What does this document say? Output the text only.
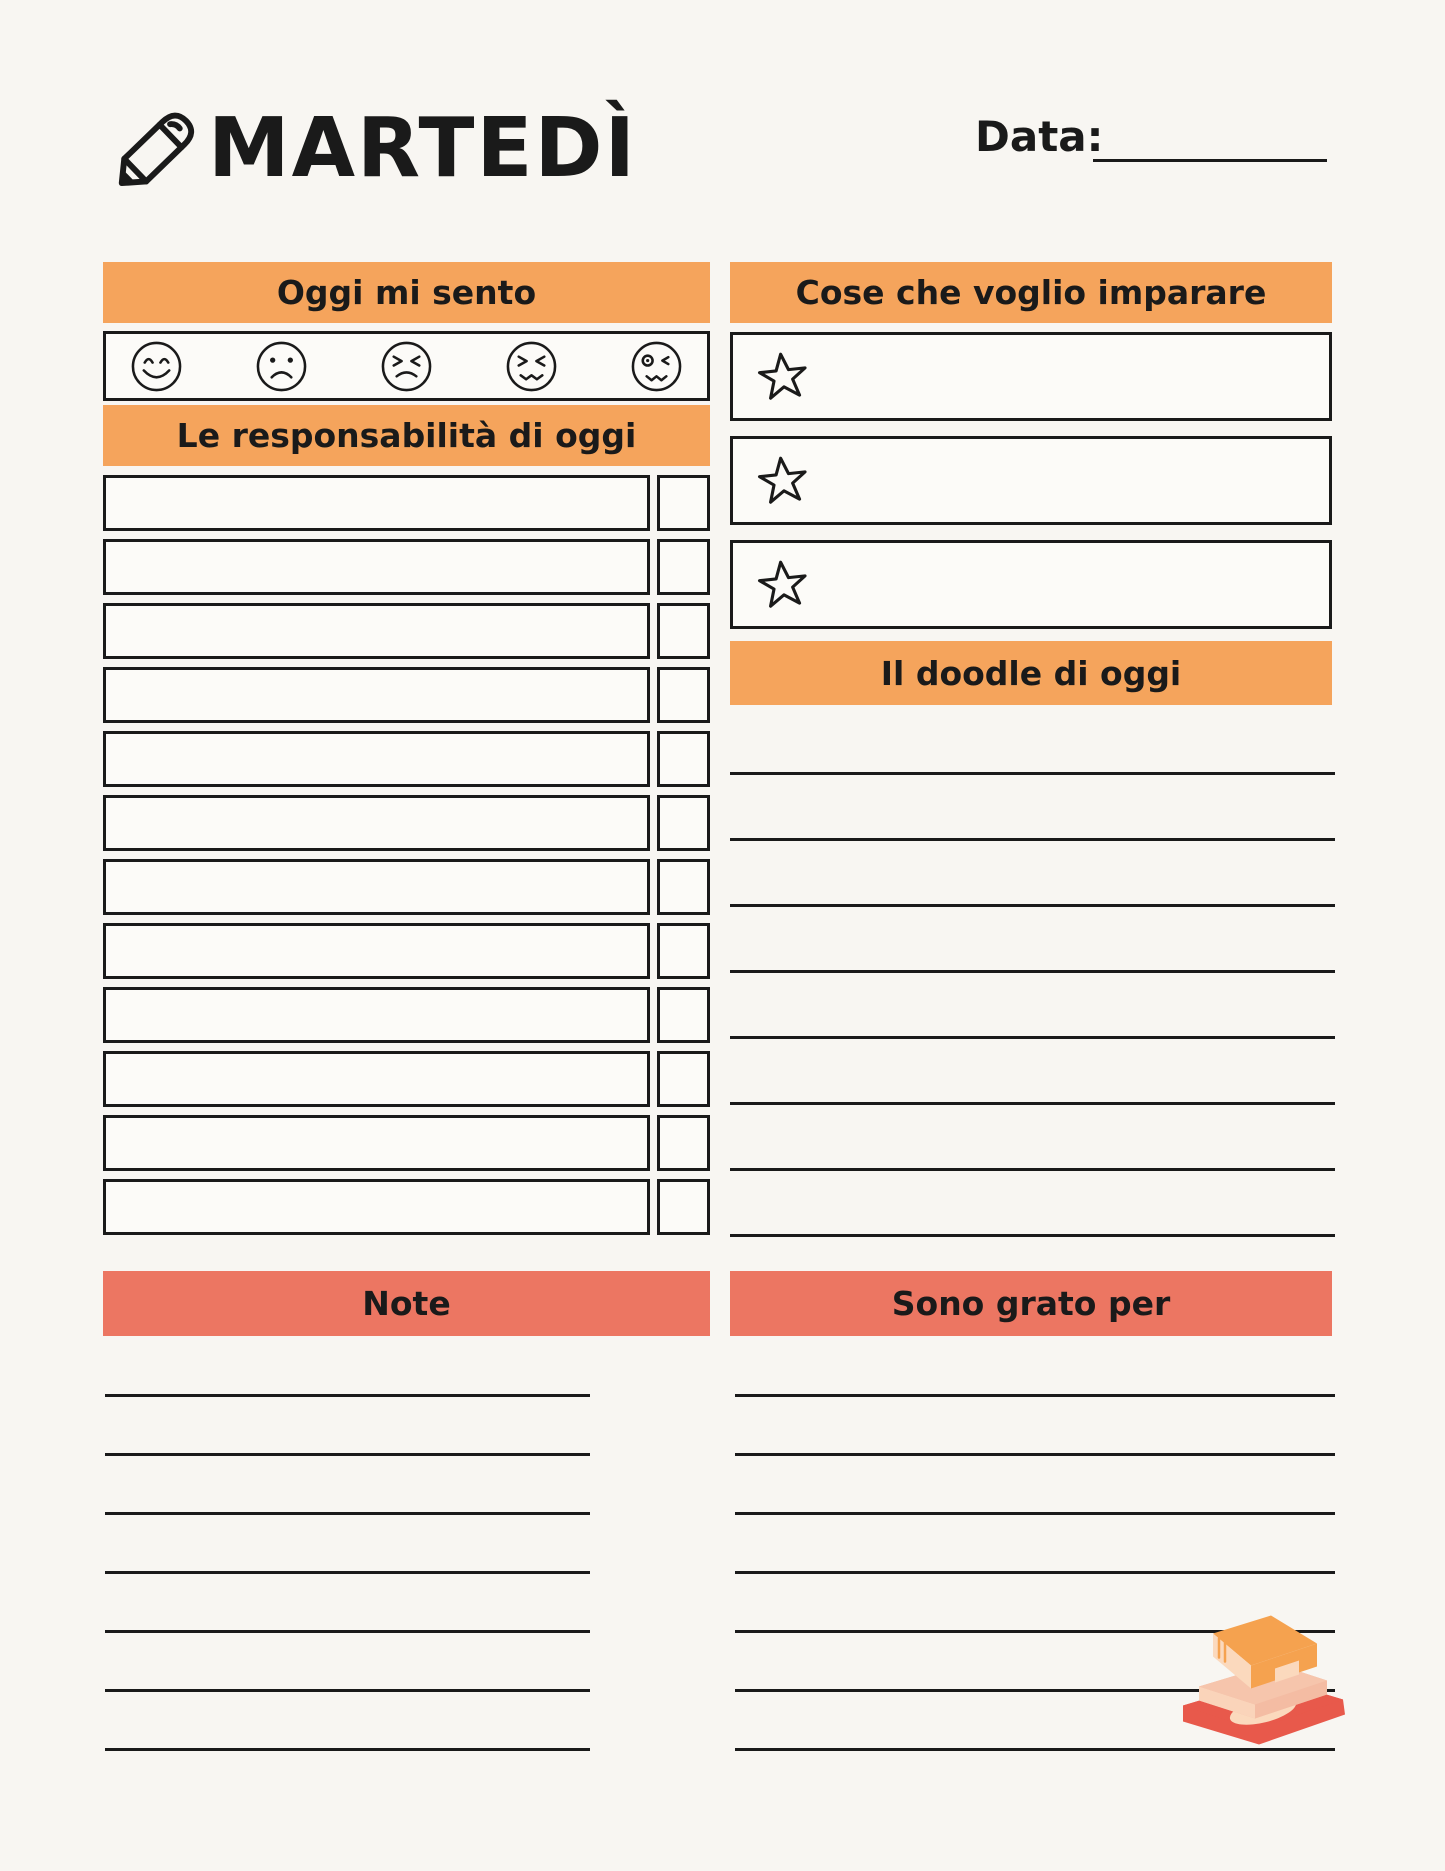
MARTEDÌ	Data:
Oggi mi sento
Le responsabilità di oggi
Note
Cose che voglio imparare
Il doodle di oggi
Sono grato per
